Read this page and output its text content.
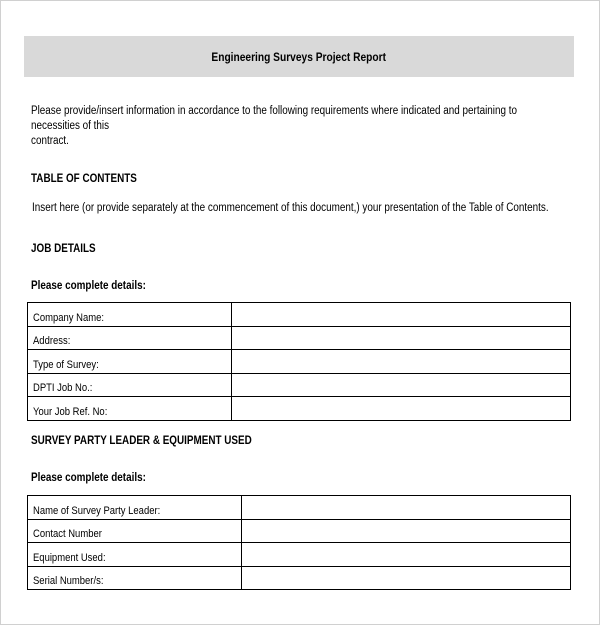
Engineering Surveys Project Report
Please provide/insert information in accordance to the following requirements where indicated and pertaining to necessities of this
contract.
TABLE OF CONTENTS
Insert here (or provide separately at the commencement of this document,) your presentation of the Table of Contents.
JOB DETAILS
Please complete details:
Company Name:	
Address:	
Type of Survey:	
DPTI Job No.:	
Your Job Ref. No:	
SURVEY PARTY LEADER & EQUIPMENT USED
Please complete details:
Name of Survey Party Leader:	
Contact Number	
Equipment Used:	
Serial Number/s:	
